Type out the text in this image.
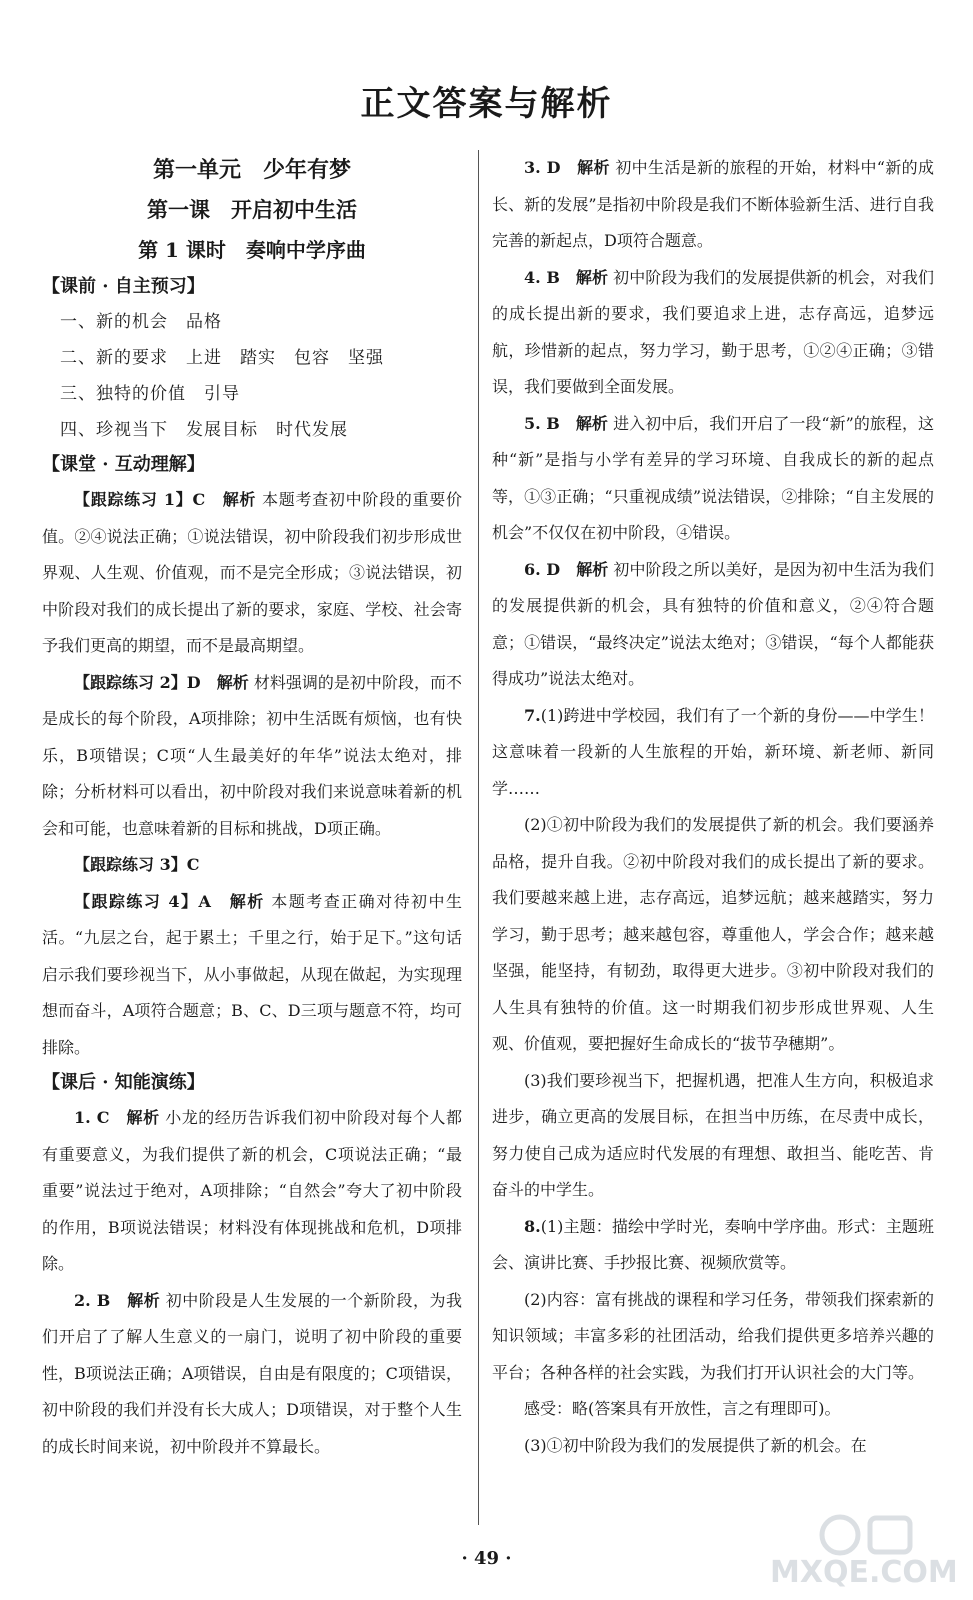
正文答案与解析

第一单元　少年有梦

第一课　开启初中生活

第 1 课时　奏响中学序曲

【课前 · 自主预习】

一、新的机会　品格

二、新的要求　上进　踏实　包容　坚强

三、独特的价值　引导

四、珍视当下　发展目标　时代发展

【课堂 · 互动理解】

【跟踪练习 1】C　解析 本题考查初中阶段的重要价值。②④说法正确；①说法错误，初中阶段我们初步形成世界观、人生观、价值观，而不是完全形成；③说法错误，初中阶段对我们的成长提出了新的要求，家庭、学校、社会寄予我们更高的期望，而不是最高期望。

【跟踪练习 2】D　解析 材料强调的是初中阶段，而不是成长的每个阶段，A项排除；初中生活既有烦恼，也有快乐，B项错误；C项“人生最美好的年华”说法太绝对，排除；分析材料可以看出，初中阶段对我们来说意味着新的机会和可能，也意味着新的目标和挑战，D项正确。

【跟踪练习 3】C

【跟踪练习 4】A　解析 本题考查正确对待初中生活。“九层之台，起于累土；千里之行，始于足下。”这句话启示我们要珍视当下，从小事做起，从现在做起，为实现理想而奋斗，A项符合题意；B、C、D三项与题意不符，均可排除。

【课后 · 知能演练】

1. C　解析 小龙的经历告诉我们初中阶段对每个人都有重要意义，为我们提供了新的机会，C项说法正确；“最重要”说法过于绝对，A项排除；“自然会”夸大了初中阶段的作用，B项说法错误；材料没有体现挑战和危机，D项排除。

2. B　解析 初中阶段是人生发展的一个新阶段，为我们开启了了解人生意义的一扇门，说明了初中阶段的重要性，B项说法正确；A项错误，自由是有限度的；C项错误，初中阶段的我们并没有长大成人；D项错误，对于整个人生的成长时间来说，初中阶段并不算最长。

3. D　解析 初中生活是新的旅程的开始，材料中“新的成长、新的发展”是指初中阶段是我们不断体验新生活、进行自我完善的新起点，D项符合题意。

4. B　解析 初中阶段为我们的发展提供新的机会，对我们的成长提出新的要求，我们要追求上进，志存高远，追梦远航，珍惜新的起点，努力学习，勤于思考，①②④正确；③错误，我们要做到全面发展。

5. B　解析 进入初中后，我们开启了一段“新”的旅程，这种“新”是指与小学有差异的学习环境、自我成长的新的起点等，①③正确；“只重视成绩”说法错误，②排除；“自主发展的机会”不仅仅在初中阶段，④错误。

6. D　解析 初中阶段之所以美好，是因为初中生活为我们的发展提供新的机会，具有独特的价值和意义，②④符合题意；①错误，“最终决定”说法太绝对；③错误，“每个人都能获得成功”说法太绝对。

7.(1)跨进中学校园，我们有了一个新的身份——中学生！这意味着一段新的人生旅程的开始，新环境、新老师、新同学……

(2)①初中阶段为我们的发展提供了新的机会。我们要涵养品格，提升自我。②初中阶段对我们的成长提出了新的要求。我们要越来越上进，志存高远，追梦远航；越来越踏实，努力学习，勤于思考；越来越包容，尊重他人，学会合作；越来越坚强，能坚持，有韧劲，取得更大进步。③初中阶段对我们的人生具有独特的价值。这一时期我们初步形成世界观、人生观、价值观，要把握好生命成长的“拔节孕穗期”。

(3)我们要珍视当下，把握机遇，把准人生方向，积极追求进步，确立更高的发展目标，在担当中历练，在尽责中成长，努力使自己成为适应时代发展的有理想、敢担当、能吃苦、肯奋斗的中学生。

8.(1)主题：描绘中学时光，奏响中学序曲。形式：主题班会、演讲比赛、手抄报比赛、视频欣赏等。

(2)内容：富有挑战的课程和学习任务，带领我们探索新的知识领域；丰富多彩的社团活动，给我们提供更多培养兴趣的平台；各种各样的社会实践，为我们打开认识社会的大门等。

感受：略(答案具有开放性，言之有理即可)。

(3)①初中阶段为我们的发展提供了新的机会。在

· 49 ·	MXQE.COM
